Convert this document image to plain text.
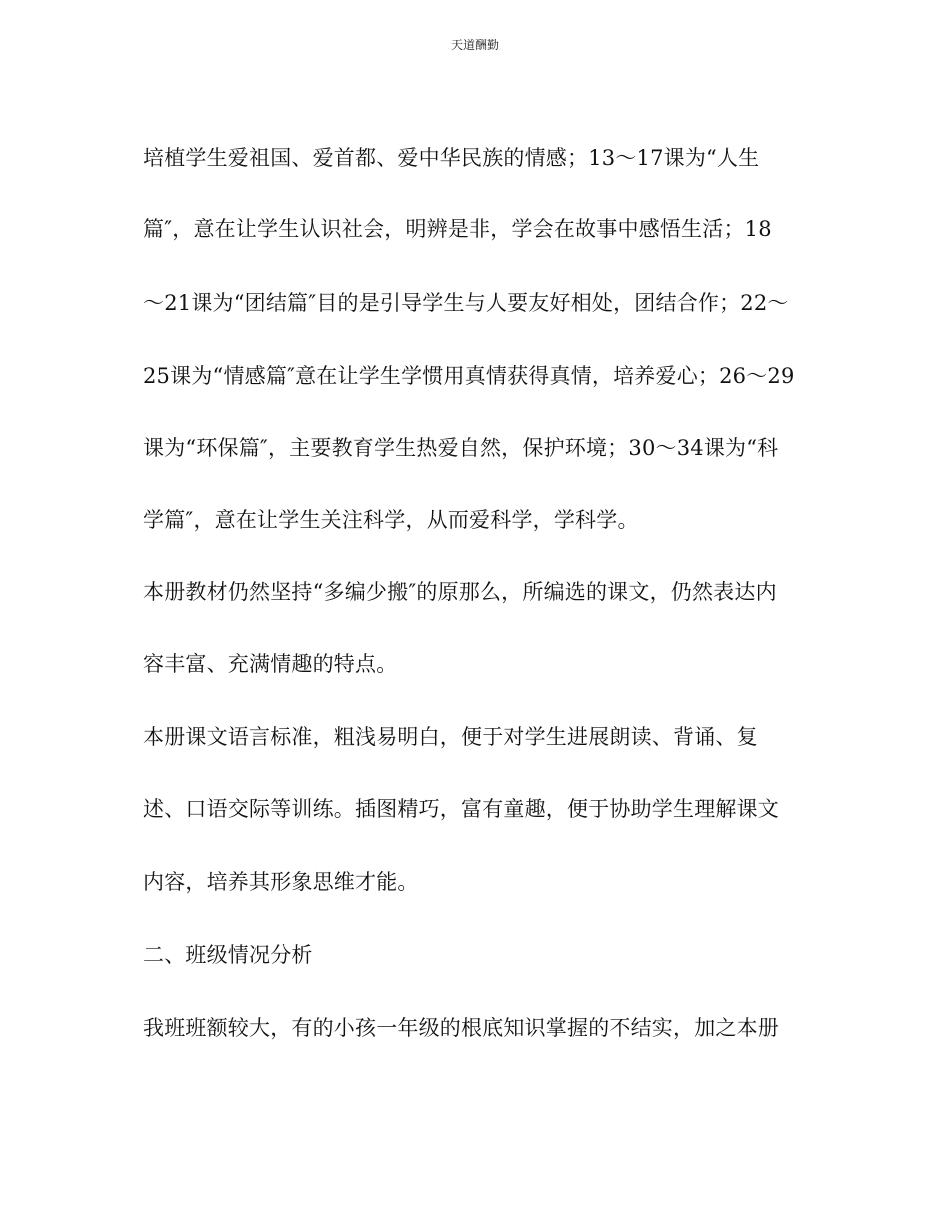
天道酬勤
培植学生爱祖国、爱首都、爱中华民族的情感；13～17课为“人生
篇″，意在让学生认识社会，明辨是非，学会在故事中感悟生活；18
～21课为“团结篇″目的是引导学生与人要友好相处，团结合作；22～
25课为“情感篇″意在让学生学惯用真情获得真情，培养爱心；26～29
课为“环保篇″，主要教育学生热爱自然，保护环境；30～34课为“科
学篇″，意在让学生关注科学，从而爱科学，学科学。
本册教材仍然坚持“多编少搬″的原那么，所编选的课文，仍然表达内
容丰富、充满情趣的特点。
本册课文语言标准，粗浅易明白，便于对学生进展朗读、背诵、复
述、口语交际等训练。插图精巧，富有童趣，便于协助学生理解课文
内容，培养其形象思维才能。
二、班级情况分析
我班班额较大，有的小孩一年级的根底知识掌握的不结实，加之本册
